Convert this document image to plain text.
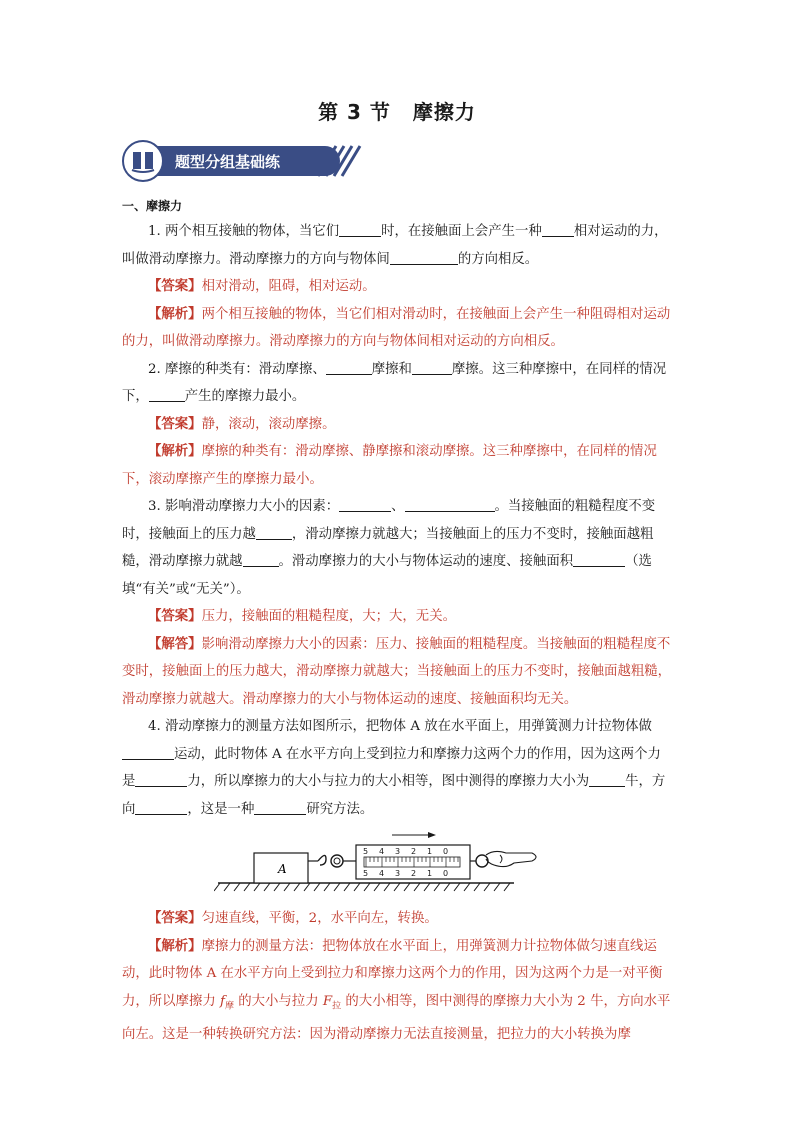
第 3 节 摩擦力
题型分组基础练
一、摩擦力

1. 两个相互接触的物体，当它们	时，在接触面上会产生一种 相对运动的力，叫做滑动摩擦力。滑动摩擦力的方向与物体间	的方向相反。

【答案】相对滑动，阻碍，相对运动。

【解析】两个相互接触的物体，当它们相对滑动时，在接触面上会产生一种阻碍相对运动的力，叫做滑动摩擦力。滑动摩擦力的方向与物体间相对运动的方向相反。

2. 摩擦的种类有：滑动摩擦、	摩擦和	摩擦。这三种摩擦中，在同样的情况下，	产生的摩擦力最小。

【答案】静，滚动，滚动摩擦。

【解析】摩擦的种类有：滑动摩擦、静摩擦和滚动摩擦。这三种摩擦中，在同样的情况下，滚动摩擦产生的摩擦力最小。

3. 影响滑动摩擦力大小的因素：	、	。当接触面的粗糙程度不变时，接触面上的压力越	，滑动摩擦力就越大；当接触面上的压力不变时，接触面越粗糙，滑动摩擦力就越	。滑动摩擦力的大小与物体运动的速度、接触面积	（选填“有关”或“无关”）。

【答案】压力，接触面的粗糙程度，大；大，无关。

【解答】影响滑动摩擦力大小的因素：压力、接触面的粗糙程度。当接触面的粗糙程度不变时，接触面上的压力越大，滑动摩擦力就越大；当接触面上的压力不变时，接触面越粗糙，滑动摩擦力就越大。滑动摩擦力的大小与物体运动的速度、接触面积均无关。

4. 滑动摩擦力的测量方法如图所示，把物体 A 放在水平面上，用弹簧测力计拉物体做运动，此时物体 A 在水平方向上受到拉力和摩擦力这两个力的作用，因为这两个力是	力，所以摩擦力的大小与拉力的大小相等，图中测得的摩擦力大小为	牛，方向	，这是一种	研究方法。

A
5 4 3 2 1 0
5 4 3 2 1 0

【答案】匀速直线，平衡，2，水平向左，转换。

【解析】摩擦力的测量方法：把物体放在水平面上，用弹簧测力计拉物体做匀速直线运动，此时物体 A 在水平方向上受到拉力和摩擦力这两个力的作用，因为这两个力是一对平衡力，所以摩擦力 $f_摩$ 的大小与拉力 $F_拉$ 的大小相等，图中测得的摩擦力大小为 2 牛，方向水平向左。这是一种转换研究方法：因为滑动摩擦力无法直接测量，把拉力的大小转换为摩
